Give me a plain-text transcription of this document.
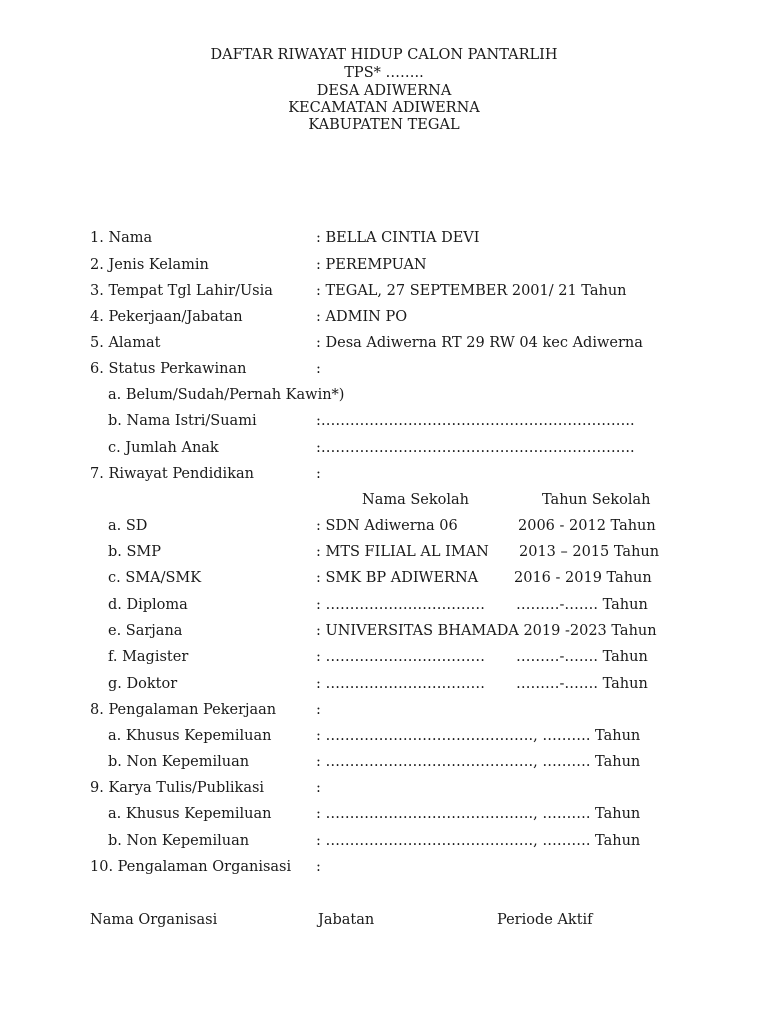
DAFTAR RIWAYAT HIDUP CALON PANTARLIH
TPS* ……..
DESA ADIWERNA
KECAMATAN ADIWERNA
KABUPATEN TEGAL
1. Nama	: BELLA CINTIA DEVI
2. Jenis Kelamin	: PEREMPUAN
3. Tempat Tgl Lahir/Usia	: TEGAL, 27 SEPTEMBER 2001/ 21 Tahun
4. Pekerjaan/Jabatan	: ADMIN PO
5. Alamat	: Desa Adiwerna RT 29 RW 04 kec Adiwerna
6. Status Perkawinan	:
a. Belum/Sudah/Pernah Kawin*)
b. Nama Istri/Suami	:………………………………………………………..
c. Jumlah Anak	:………………………………………………………..
7. Riwayat Pendidikan	:
Nama Sekolah	Tahun Sekolah
a. SD	: SDN Adiwerna 06	2006 - 2012 Tahun
b. SMP	: MTS FILIAL AL IMAN 2013 – 2015 Tahun
c. SMA/SMK	: SMK BP ADIWERNA 2016 - 2019 Tahun
d. Diploma	: …………………………… ………-……. Tahun
e. Sarjana	: UNIVERSITAS BHAMADA 2019 -2023 Tahun
f. Magister	: …………………………… ………-……. Tahun
g. Doktor	: …………………………… ………-……. Tahun
8. Pengalaman Pekerjaan	:
a. Khusus Kepemiluan	: ……………………………………., ………. Tahun
b. Non Kepemiluan	: ……………………………………., ………. Tahun
9. Karya Tulis/Publikasi	:
a. Khusus Kepemiluan	: ……………………………………., ………. Tahun
b. Non Kepemiluan	: ……………………………………., ………. Tahun
10. Pengalaman Organisasi :
Nama Organisasi	Jabatan	Periode Aktif
